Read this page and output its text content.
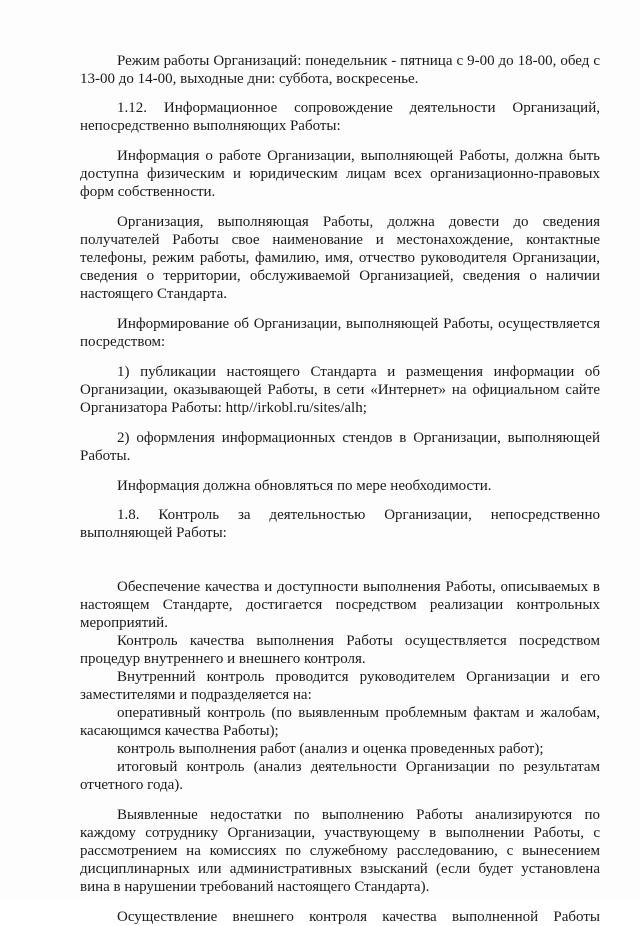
Режим работы Организаций: понедельник - пятница с 9-00 до 18-00, обед с 13-00 до 14-00, выходные дни: суббота, воскресенье.

1.12. Информационное сопровождение деятельности Организаций, непосредственно выполняющих Работы:

Информация о работе Организации, выполняющей Работы, должна быть доступна физическим и юридическим лицам всех организационно-правовых форм собственности.

Организация, выполняющая Работы, должна довести до сведения получателей Работы свое наименование и местонахождение, контактные телефоны, режим работы, фамилию, имя, отчество руководителя Организации, сведения о территории, обслуживаемой Организацией, сведения о наличии настоящего Стандарта.

Информирование об Организации, выполняющей Работы, осуществляется посредством:

1) публикации настоящего Стандарта и размещения информации об Организации, оказывающей Работы, в сети «Интернет» на официальном сайте Организатора Работы: http//irkobl.ru/sites/alh;

2) оформления информационных стендов в Организации, выполняющей Работы.

Информация должна обновляться по мере необходимости.

1.8. Контроль за деятельностью Организации, непосредственно выполняющей Работы:

Обеспечение качества и доступности выполнения Работы, описываемых в настоящем Стандарте, достигается посредством реализации контрольных мероприятий.

Контроль качества выполнения Работы осуществляется посредством процедур внутреннего и внешнего контроля.

Внутренний контроль проводится руководителем Организации и его заместителями и подразделяется на:

оперативный контроль (по выявленным проблемным фактам и жалобам, касающимся качества Работы);

контроль выполнения работ (анализ и оценка проведенных работ);

итоговый контроль (анализ деятельности Организации по результатам отчетного года).

Выявленные недостатки по выполнению Работы анализируются по каждому сотруднику Организации, участвующему в выполнении Работы, с рассмотрением на комиссиях по служебному расследованию, с вынесением дисциплинарных или административных взысканий (если будет установлена вина в нарушении требований настоящего Стандарта).

Осуществление внешнего контроля качества выполненной Работы
